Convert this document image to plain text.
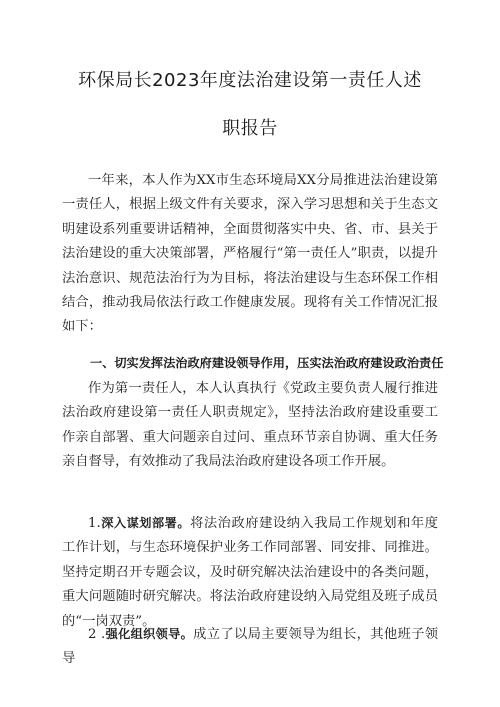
环保局长2023年度法治建设第一责任人述
职报告

一年来，本人作为XX市生态环境局XX分局推进法治建设第一责任人，根据上级文件有关要求，深入学习思想和关于生态文明建设系列重要讲话精神，全面贯彻落实中央、省、市、县关于法治建设的重大决策部署，严格履行“第一责任人”职责，以提升法治意识、规范法治行为为目标，将法治建设与生态环保工作相结合，推动我局依法行政工作健康发展。现将有关工作情况汇报如下：

一、切实发挥法治政府建设领导作用，压实法治政府建设政治责任

作为第一责任人，本人认真执行《党政主要负责人履行推进法治政府建设第一责任人职责规定》，坚持法治政府建设重要工作亲自部署、重大问题亲自过问、重点环节亲自协调、重大任务亲自督导，有效推动了我局法治政府建设各项工作开展。

1.深入谋划部署。将法治政府建设纳入我局工作规划和年度工作计划，与生态环境保护业务工作同部署、同安排、同推进。坚持定期召开专题会议，及时研究解决法治建设中的各类问题，重大问题随时研究解决。将法治政府建设纳入局党组及班子成员的“一岗双责”。

2 .强化组织领导。成立了以局主要领导为组长，其他班子领导
